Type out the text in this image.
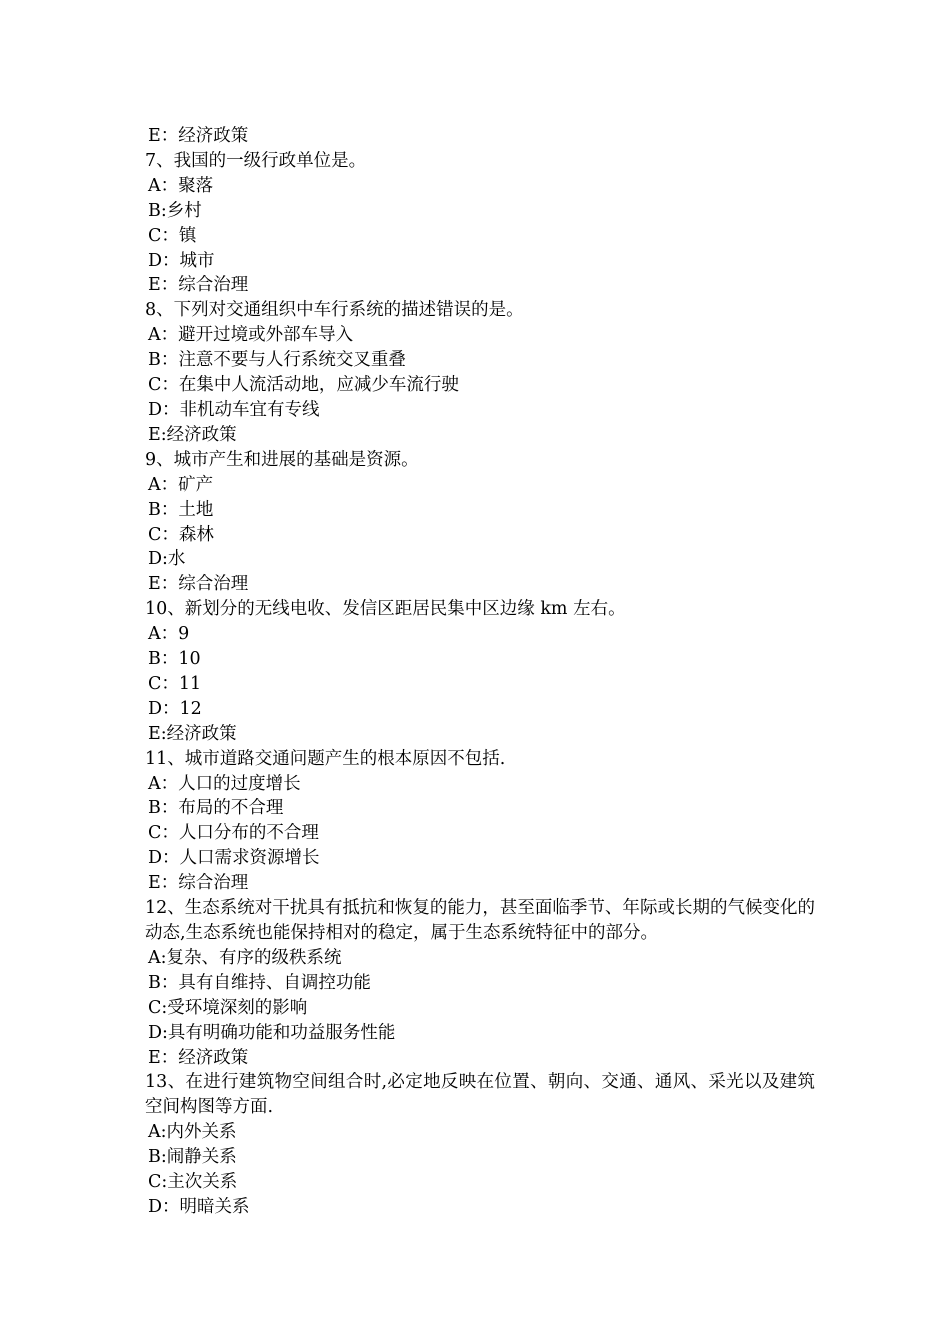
E：经济政策
7、我国的一级行政单位是。
A：聚落
B:乡村
C：镇
D：城市
E：综合治理
8、下列对交通组织中车行系统的描述错误的是。
A：避开过境或外部车导入
B：注意不要与人行系统交叉重叠
C：在集中人流活动地，应减少车流行驶
D：非机动车宜有专线
E:经济政策
9、城市产生和进展的基础是资源。
A：矿产
B：土地
C：森林
D:水
E：综合治理
10、新划分的无线电收、发信区距居民集中区边缘 km 左右。
A：9
B：10
C：11
D：12
E:经济政策
11、城市道路交通问题产生的根本原因不包括.
A：人口的过度增长
B：布局的不合理
C：人口分布的不合理
D：人口需求资源增长
E：综合治理
12、生态系统对干扰具有抵抗和恢复的能力，甚至面临季节、年际或长期的气候变化的动态,生态系统也能保持相对的稳定，属于生态系统特征中的部分。
A:复杂、有序的级秩系统
B：具有自维持、自调控功能
C:受环境深刻的影响
D:具有明确功能和功益服务性能
E：经济政策
13、在进行建筑物空间组合时,必定地反映在位置、朝向、交通、通风、采光以及建筑空间构图等方面.
A:内外关系
B:闹静关系
C:主次关系
D：明暗关系
